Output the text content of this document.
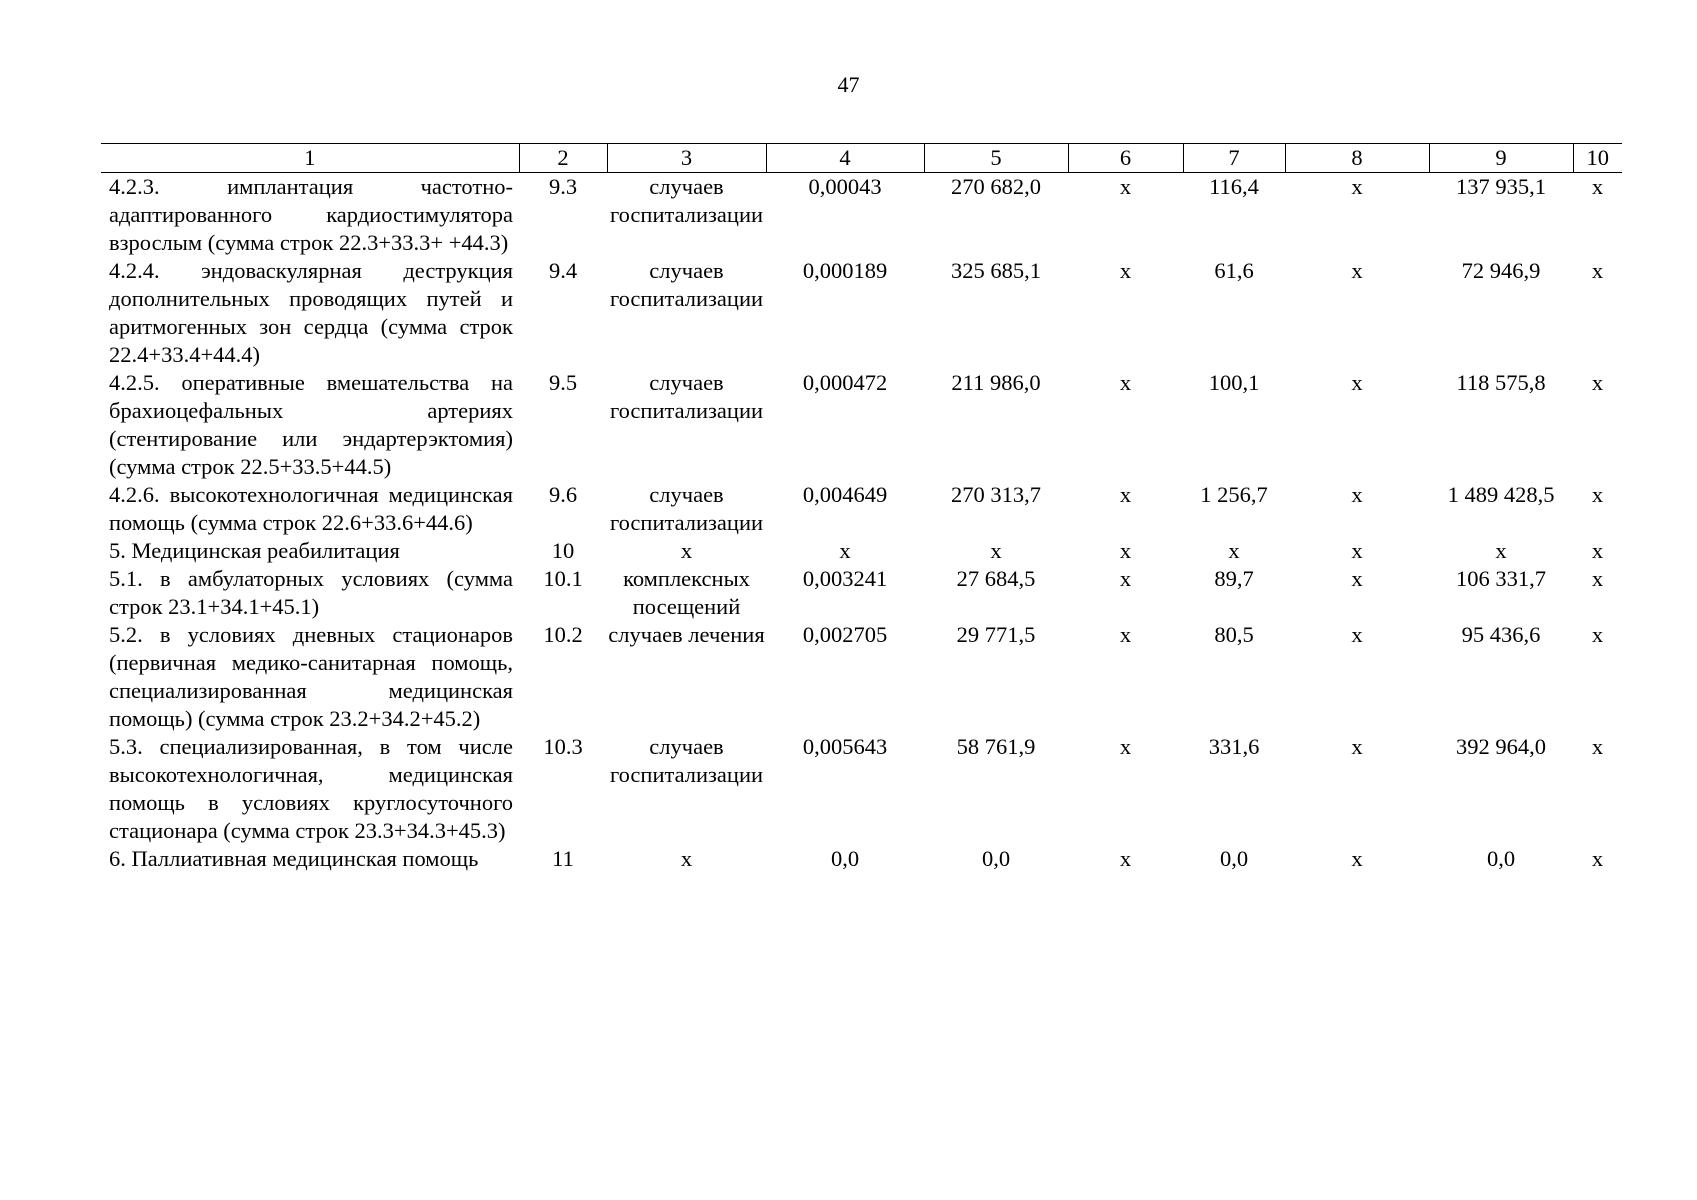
47
1	2	3	4	5	6	7	8	9	10
4.2.3. имплантация частотно-адаптированного кардиостимулятора взрослым (сумма строк 22.3+33.3+ +44.3)	9.3	случаев госпитализации	0,00043	270 682,0	х	116,4	х	137 935,1	х
4.2.4. эндоваскулярная деструкция дополнительных проводящих путей и аритмогенных зон сердца (сумма строк 22.4+33.4+44.4)	9.4	случаев госпитализации	0,000189	325 685,1	х	61,6	х	72 946,9	х
4.2.5. оперативные вмешательства на брахиоцефальных артериях (стентирование или эндартерэктомия) (сумма строк 22.5+33.5+44.5)	9.5	случаев госпитализации	0,000472	211 986,0	х	100,1	х	118 575,8	х
4.2.6. высокотехнологичная медицинская помощь (сумма строк 22.6+33.6+44.6)	9.6	случаев госпитализации	0,004649	270 313,7	х	1 256,7	х	1 489 428,5	х
5. Медицинская реабилитация	10	х	х	х	х	х	х	х	х
5.1. в амбулаторных условиях (сумма строк 23.1+34.1+45.1)	10.1	комплексных посещений	0,003241	27 684,5	х	89,7	х	106 331,7	х
5.2. в условиях дневных стационаров (первичная медико-санитарная помощь, специализированная медицинская помощь) (сумма строк 23.2+34.2+45.2)	10.2	случаев лечения	0,002705	29 771,5	х	80,5	х	95 436,6	х
5.3. специализированная, в том числе высокотехнологичная, медицинская помощь в условиях круглосуточного стационара (сумма строк 23.3+34.3+45.3)	10.3	случаев госпитализации	0,005643	58 761,9	х	331,6	х	392 964,0	х
6. Паллиативная медицинская помощь	11	х	0,0	0,0	х	0,0	х	0,0	х
